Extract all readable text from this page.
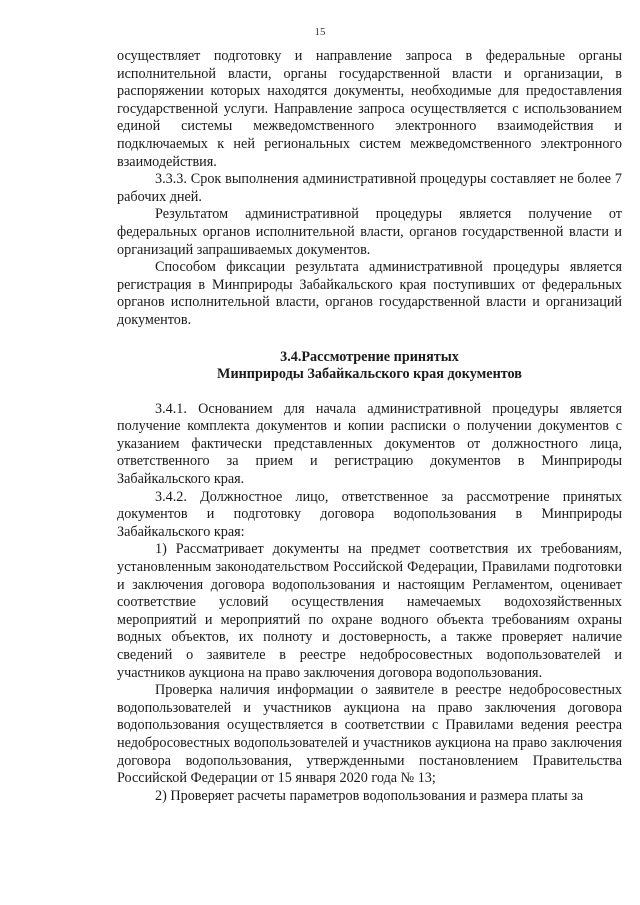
15

осуществляет подготовку и направление запроса в федеральные органы исполнительной власти, органы государственной власти и организации, в распоряжении которых находятся документы, необходимые для предоставления государственной услуги. Направление запроса осуществляется с использованием единой системы межведомственного электронного взаимодействия и подключаемых к ней региональных систем межведомственного электронного взаимодействия.

3.3.3. Срок выполнения административной процедуры составляет не более 7 рабочих дней.

Результатом административной процедуры является получение от федеральных органов исполнительной власти, органов государственной власти и организаций запрашиваемых документов.

Способом фиксации результата административной процедуры является регистрация в Минприроды Забайкальского края поступивших от федеральных органов исполнительной власти, органов государственной власти и организаций документов.

3.4.Рассмотрение принятых
Минприроды Забайкальского края документов

3.4.1. Основанием для начала административной процедуры является получение комплекта документов и копии расписки о получении документов с указанием фактически представленных документов от должностного лица, ответственного за прием и регистрацию документов в Минприроды Забайкальского края.

3.4.2. Должностное лицо, ответственное за рассмотрение принятых документов и подготовку договора водопользования в Минприроды Забайкальского края:

1) Рассматривает документы на предмет соответствия их требованиям, установленным законодательством Российской Федерации, Правилами подготовки и заключения договора водопользования и настоящим Регламентом, оценивает соответствие условий осуществления намечаемых водохозяйственных мероприятий и мероприятий по охране водного объекта требованиям охраны водных объектов, их полноту и достоверность, а также проверяет наличие сведений о заявителе в реестре недобросовестных водопользователей и участников аукциона на право заключения договора водопользования.

Проверка наличия информации о заявителе в реестре недобросовестных водопользователей и участников аукциона на право заключения договора водопользования осуществляется в соответствии с Правилами ведения реестра недобросовестных водопользователей и участников аукциона на право заключения договора водопользования, утвержденными постановлением Правительства Российской Федерации от 15 января 2020 года № 13;

2) Проверяет расчеты параметров водопользования и размера платы за
